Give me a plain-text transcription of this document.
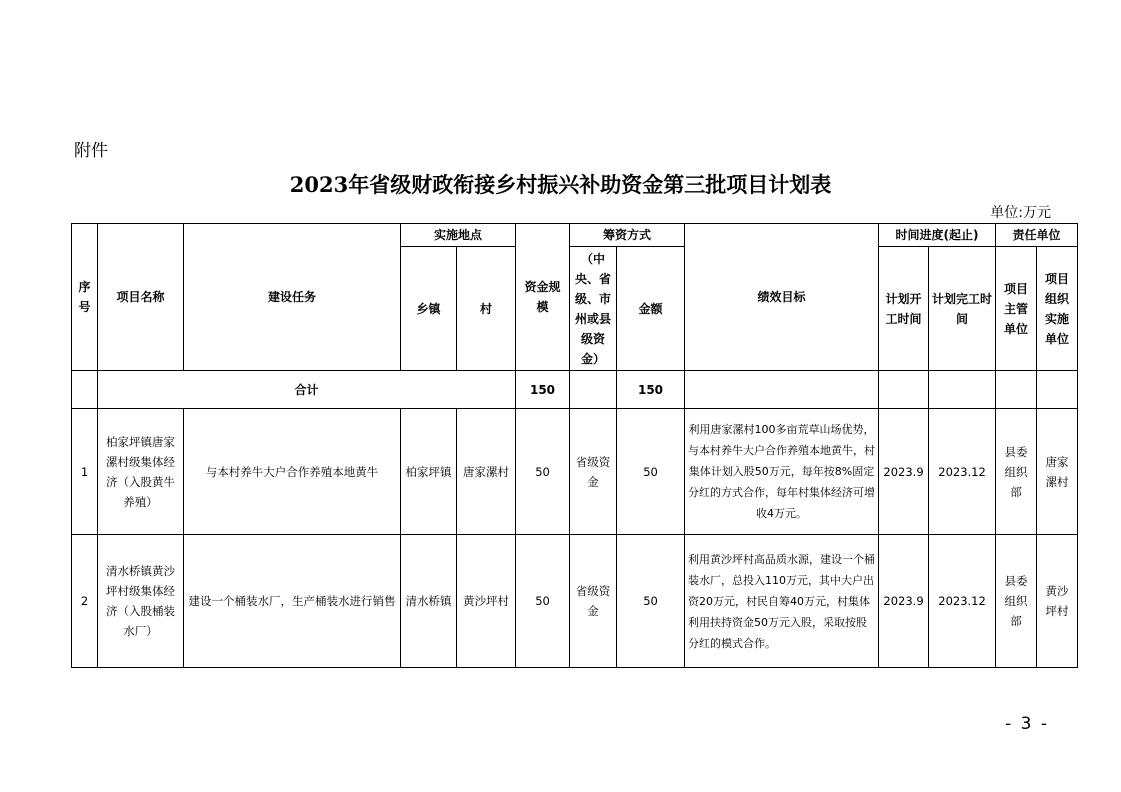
附件
2023年省级财政衔接乡村振兴补助资金第三批项目计划表
单位:万元
序号	项目名称	建设任务	实施地点		资金规模	筹资方式		绩效目标	时间进度(起止)		责任单位	
			乡镇	村		（中央、省级、市州或县级资金）	金额		计划开工时间	计划完工时间	项目主管单位	项目组织实施单位
	合计				150		150					
1	柏家坪镇唐家漯村级集体经济（入股黄牛养殖）	与本村养牛大户合作养殖本地黄牛	柏家坪镇	唐家漯村	50	省级资金	50	利用唐家漯村100多亩荒草山场优势，与本村养牛大户合作养殖本地黄牛，村集体计划入股50万元，每年按8%固定分红的方式合作，每年村集体经济可增收4万元。	2023.9	2023.12	县委组织部	唐家漯村
2	清水桥镇黄沙坪村级集体经济（入股桶装水厂）	建设一个桶装水厂，生产桶装水进行销售	清水桥镇	黄沙坪村	50	省级资金	50	利用黄沙坪村高品质水源，建设一个桶装水厂，总投入110万元，其中大户出资20万元，村民自筹40万元，村集体利用扶持资金50万元入股，采取按股分红的模式合作。	2023.9	2023.12	县委组织部	黄沙坪村
- 3 -
